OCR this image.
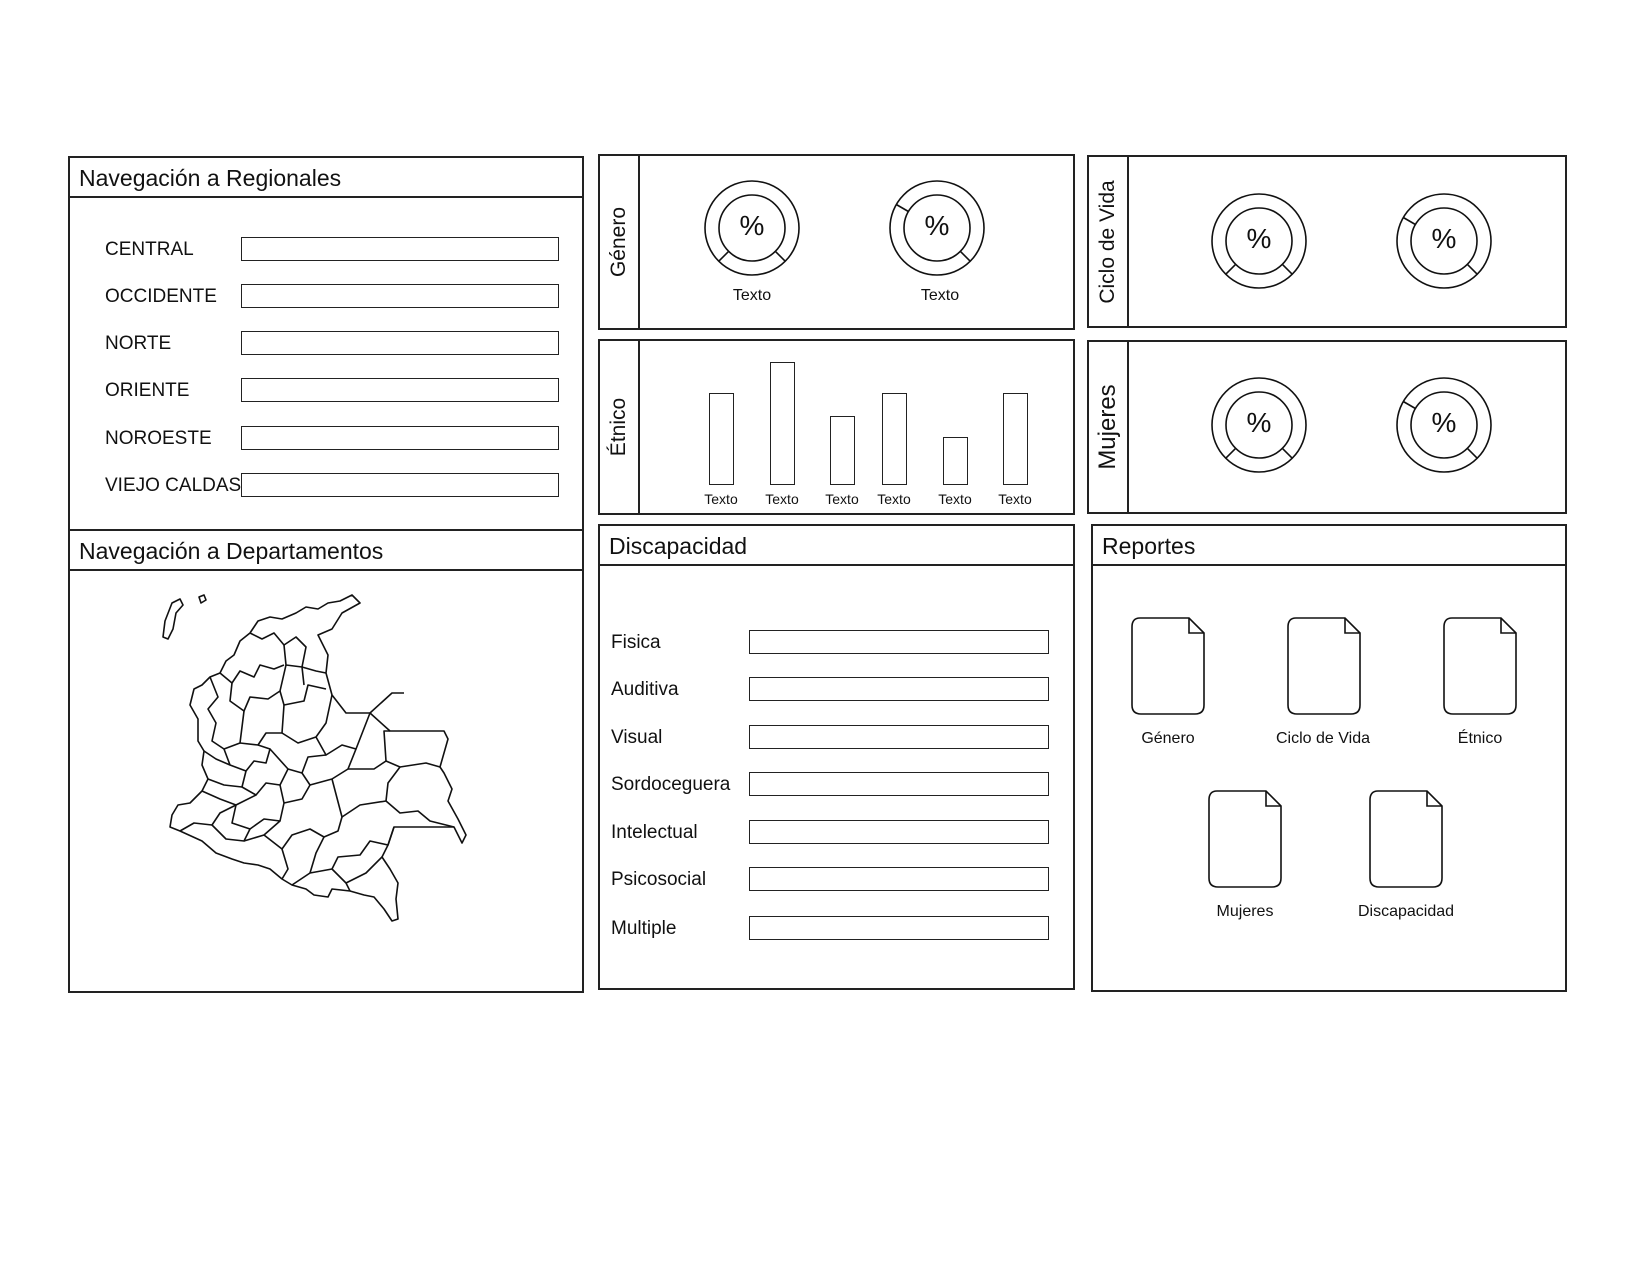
Navegación a Regionales
CENTRAL
OCCIDENTE
NORTE
ORIENTE
NOROESTE
VIEJO CALDAS
Navegación a Departamentos
Género	%
Texto
%
Texto
Étnico
Texto	Texto	Texto	Texto	Texto	Texto
Ciclo de Vida	%	%
Mujeres	%	%
Discapacidad
Fisica
Auditiva
Visual
Sordoceguera
Intelectual
Psicosocial
Multiple
Reportes
Género	Ciclo de Vida	Étnico
Mujeres	Discapacidad
